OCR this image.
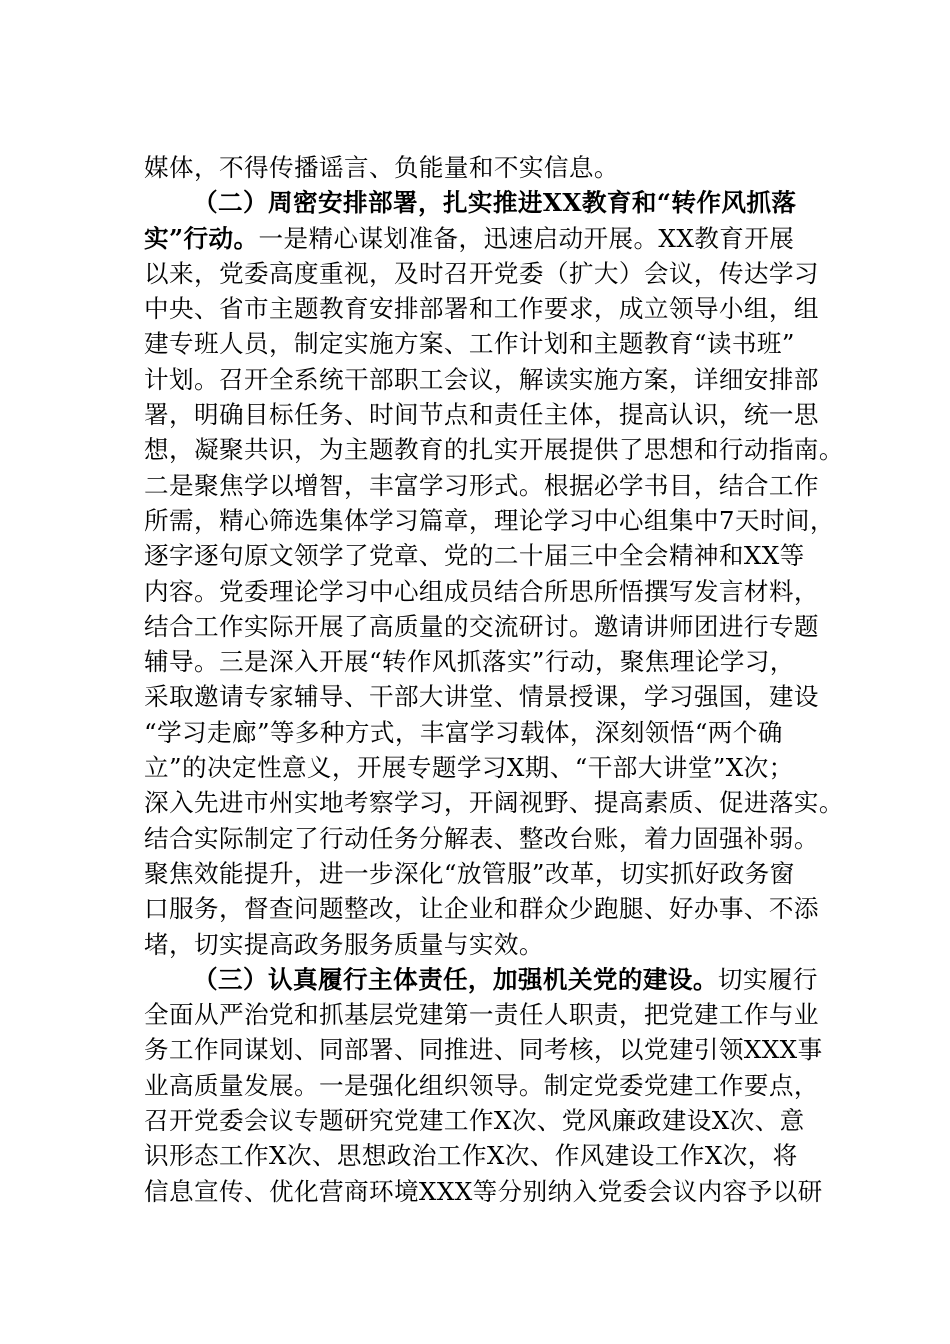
媒体，不得传播谣言、负能量和不实信息。
（二）周密安排部署，扎实推进XX教育和“转作风抓落
实”行动。一是精心谋划准备，迅速启动开展。XX教育开展
以来，党委高度重视，及时召开党委（扩大）会议，传达学习
中央、省市主题教育安排部署和工作要求，成立领导小组，组
建专班人员，制定实施方案、工作计划和主题教育“读书班”
计划。召开全系统干部职工会议，解读实施方案，详细安排部
署，明确目标任务、时间节点和责任主体，提高认识，统一思
想，凝聚共识，为主题教育的扎实开展提供了思想和行动指南。
二是聚焦学以增智，丰富学习形式。根据必学书目，结合工作
所需，精心筛选集体学习篇章，理论学习中心组集中7天时间，
逐字逐句原文领学了党章、党的二十届三中全会精神和XX等
内容。党委理论学习中心组成员结合所思所悟撰写发言材料，
结合工作实际开展了高质量的交流研讨。邀请讲师团进行专题
辅导。三是深入开展“转作风抓落实”行动，聚焦理论学习，
采取邀请专家辅导、干部大讲堂、情景授课，学习强国，建设
“学习走廊”等多种方式，丰富学习载体，深刻领悟“两个确
立”的决定性意义，开展专题学习X期、“干部大讲堂”X次；
深入先进市州实地考察学习，开阔视野、提高素质、促进落实。
结合实际制定了行动任务分解表、整改台账，着力固强补弱。
聚焦效能提升，进一步深化“放管服”改革，切实抓好政务窗
口服务，督查问题整改，让企业和群众少跑腿、好办事、不添
堵，切实提高政务服务质量与实效。
（三）认真履行主体责任，加强机关党的建设。切实履行
全面从严治党和抓基层党建第一责任人职责，把党建工作与业
务工作同谋划、同部署、同推进、同考核，以党建引领XXX事
业高质量发展。一是强化组织领导。制定党委党建工作要点，
召开党委会议专题研究党建工作X次、党风廉政建设X次、意
识形态工作X次、思想政治工作X次、作风建设工作X次，将
信息宣传、优化营商环境XXX等分别纳入党委会议内容予以研
